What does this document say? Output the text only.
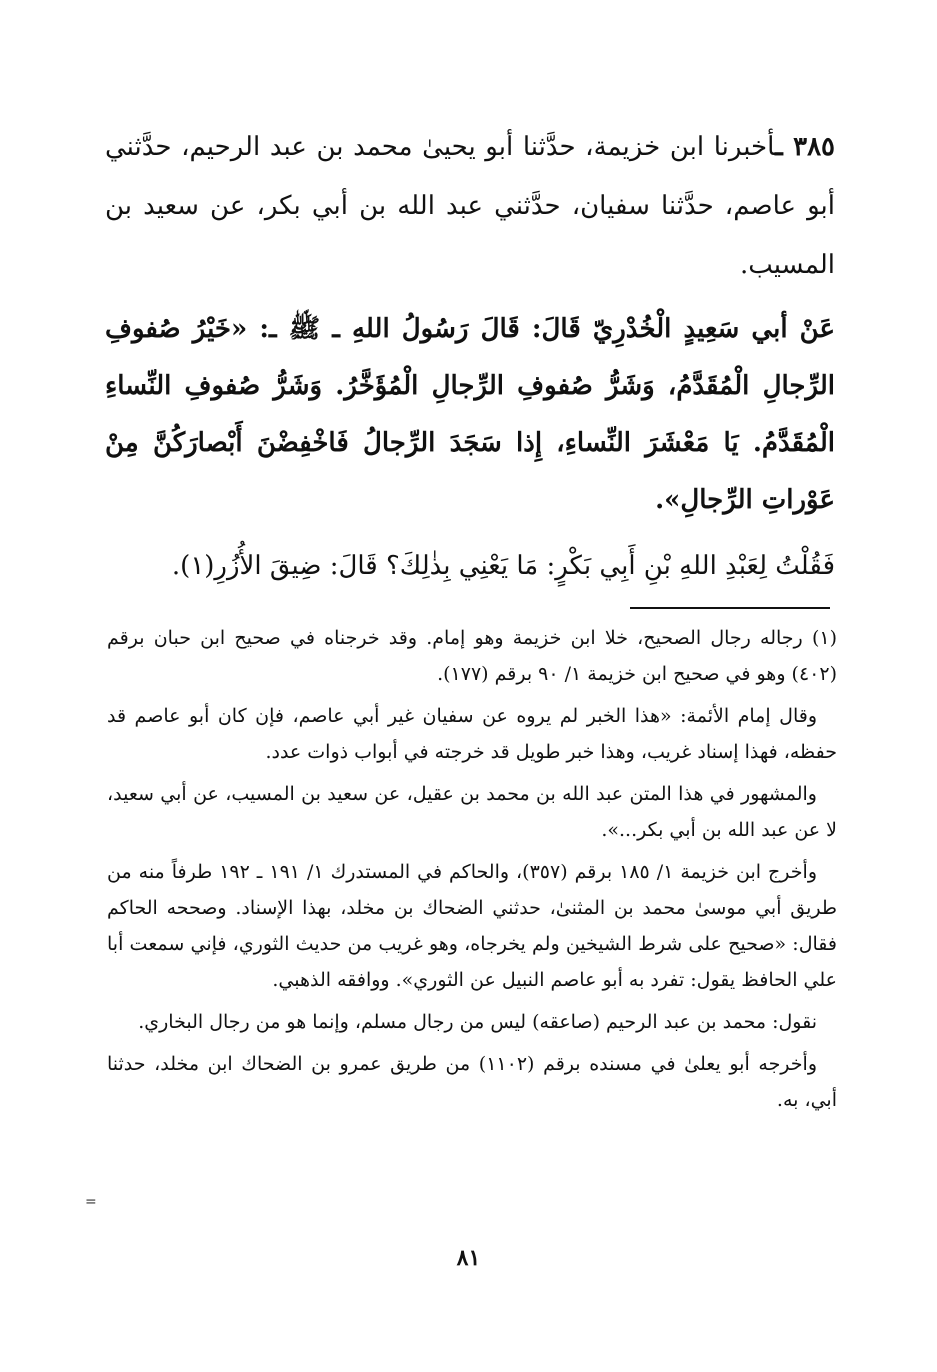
٣٨٥ ـأخبرنا ابن خزيمة، حدَّثنا أبو يحيىٰ محمد بن عبد الرحيم، حدَّثني أبو عاصم، حدَّثنا سفيان، حدَّثني عبد الله بن أبي بكر، عن سعيد بن المسيب.

عَنْ أبي سَعِيدٍ الْخُدْرِيّ قَالَ: قَالَ رَسُولُ اللهِ ـ ﷺ ـ: «خَيْرُ صُفوفِ الرِّجالِ الْمُقَدَّمُ، وَشَرُّ صُفوفِ الرِّجالِ الْمُؤَخَّرُ. وَشَرُّ صُفوفِ النِّساءِ الْمُقَدَّمُ. يَا مَعْشَرَ النِّساءِ، إِذا سَجَدَ الرِّجالُ فَاخْفِضْنَ أَبْصارَكُنَّ مِنْ عَوْراتِ الرِّجالِ».

فَقُلْتُ لِعَبْدِ اللهِ بْنِ أَبِي بَكْرٍ: مَا يَعْنِي بِذٰلِكَ؟ قَالَ: ضِيقَ الأُزُرِ(١).

(١) رجاله رجال الصحيح، خلا ابن خزيمة وهو إمام. وقد خرجناه في صحيح ابن حبان برقم (٤٠٢) وهو في صحيح ابن خزيمة ١/ ٩٠ برقم (١٧٧).

وقال إمام الأئمة: «هذا الخبر لم يروه عن سفيان غير أبي عاصم، فإن كان أبو عاصم قد حفظه، فهذا إسناد غريب، وهذا خبر طويل قد خرجته في أبواب ذوات عدد.

والمشهور في هذا المتن عبد الله بن محمد بن عقيل، عن سعيد بن المسيب، عن أبي سعيد، لا عن عبد الله بن أبي بكر...».

وأخرج ابن خزيمة ١/ ١٨٥ برقم (٣٥٧)، والحاكم في المستدرك ١/ ١٩١ ـ ١٩٢ طرفاً منه من طريق أبي موسىٰ محمد بن المثنىٰ، حدثني الضحاك بن مخلد، بهذا الإسناد. وصححه الحاكم فقال: «صحيح على شرط الشيخين ولم يخرجاه، وهو غريب من حديث الثوري، فإني سمعت أبا علي الحافظ يقول: تفرد به أبو عاصم النبيل عن الثوري». ووافقه الذهبي.

نقول: محمد بن عبد الرحيم (صاعقه) ليس من رجال مسلم، وإنما هو من رجال البخاري.

وأخرجه أبو يعلىٰ في مسنده برقم (١١٠٢) من طريق عمرو بن الضحاك ابن مخلد، حدثنا أبي، به.

=
٨١
